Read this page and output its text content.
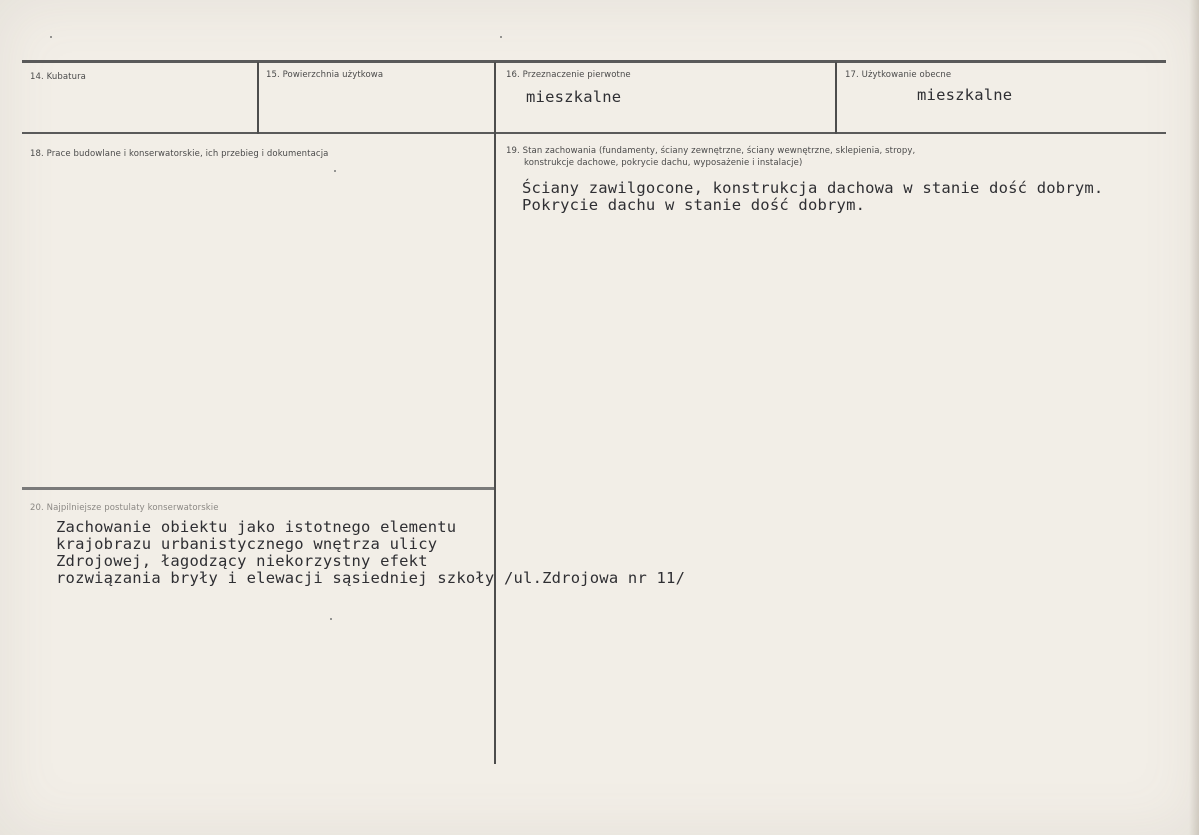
14. Kubatura	15. Powierzchnia użytkowa	16. Przeznaczenie pierwotne
mieszkalne
17. Użytkowanie obecne
mieszkalne
18. Prace budowlane i konserwatorskie, ich przebieg i dokumentacja	19. Stan zachowania (fundamenty, ściany zewnętrzne, ściany wewnętrzne, sklepienia, stropy,
konstrukcje dachowe, pokrycie dachu, wyposażenie i instalacje)
Ściany zawilgocone, konstrukcja dachowa w stanie dość dobrym.
Pokrycie dachu w stanie dość dobrym.
20. Najpilniejsze postulaty konserwatorskie
Zachowanie obiektu jako istotnego elementu
krajobrazu urbanistycznego wnętrza ulicy
Zdrojowej, łagodzący niekorzystny efekt
rozwiązania bryły i elewacji sąsiedniej szkoły /ul.Zdrojowa nr 11/
